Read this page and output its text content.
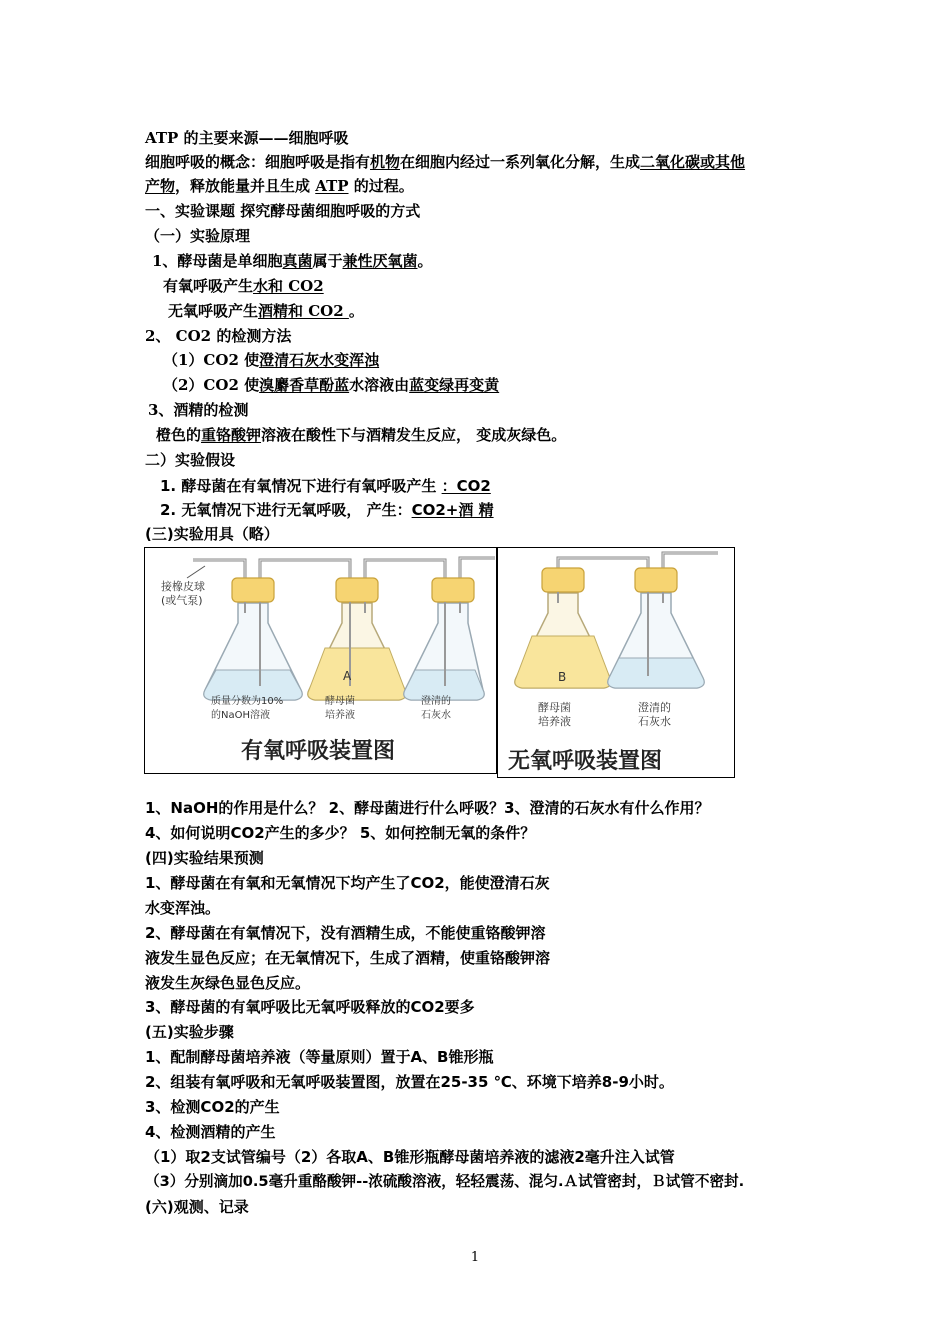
ATP 的主要来源——细胞呼吸
细胞呼吸的概念：细胞呼吸是指有机物在细胞内经过一系列氧化分解，生成二氧化碳或其他
产物，释放能量并且生成 ATP 的过程。
一、实验课题 探究酵母菌细胞呼吸的方式
（一）实验原理
1、酵母菌是单细胞真菌属于兼性厌氧菌。
有氧呼吸产生水和 CO2
无氧呼吸产生酒精和 CO2 。
2、 CO2 的检测方法
（1）CO2 使澄清石灰水变浑浊
（2）CO2 使溴麝香草酚蓝水溶液由蓝变绿再变黄
3、酒精的检测
橙色的重铬酸钾溶液在酸性下与酒精发生反应， 变成灰绿色。
二）实验假设
1. 酵母菌在有氧情况下进行有氧呼吸产生 ：CO2
2. 无氧情况下进行无氧呼吸， 产生：CO2+酒 精
(三)实验用具（略）
接橡皮球
(或气泵)
A
质量分数为10%
的NaOH溶液
酵母菌
培养液
澄清的
石灰水
有氧呼吸装置图
B
酵母菌
培养液
澄清的
石灰水
无氧呼吸装置图
1、NaOH的作用是什么？ 2、酵母菌进行什么呼吸？3、澄清的石灰水有什么作用？
4、如何说明CO2产生的多少？ 5、如何控制无氧的条件？
(四)实验结果预测
1、酵母菌在有氧和无氧情况下均产生了CO2，能使澄清石灰
水变浑浊。
2、酵母菌在有氧情况下，没有酒精生成，不能使重铬酸钾溶
液发生显色反应；在无氧情况下，生成了酒精，使重铬酸钾溶
液发生灰绿色显色反应。
3、酵母菌的有氧呼吸比无氧呼吸释放的CO2要多
(五)实验步骤
1、配制酵母菌培养液（等量原则）置于A、B锥形瓶
2、组装有氧呼吸和无氧呼吸装置图，放置在25-35 ℃、环境下培养8-9小时。
3、检测CO2的产生
4、检测酒精的产生
（1）取2支试管编号（2）各取A、B锥形瓶酵母菌培养液的滤液2毫升注入试管
（3）分别滴加0.5毫升重酪酸钾--浓硫酸溶液，轻轻震荡、混匀.Ａ试管密封，Ｂ试管不密封.
(六)观测、记录
1
